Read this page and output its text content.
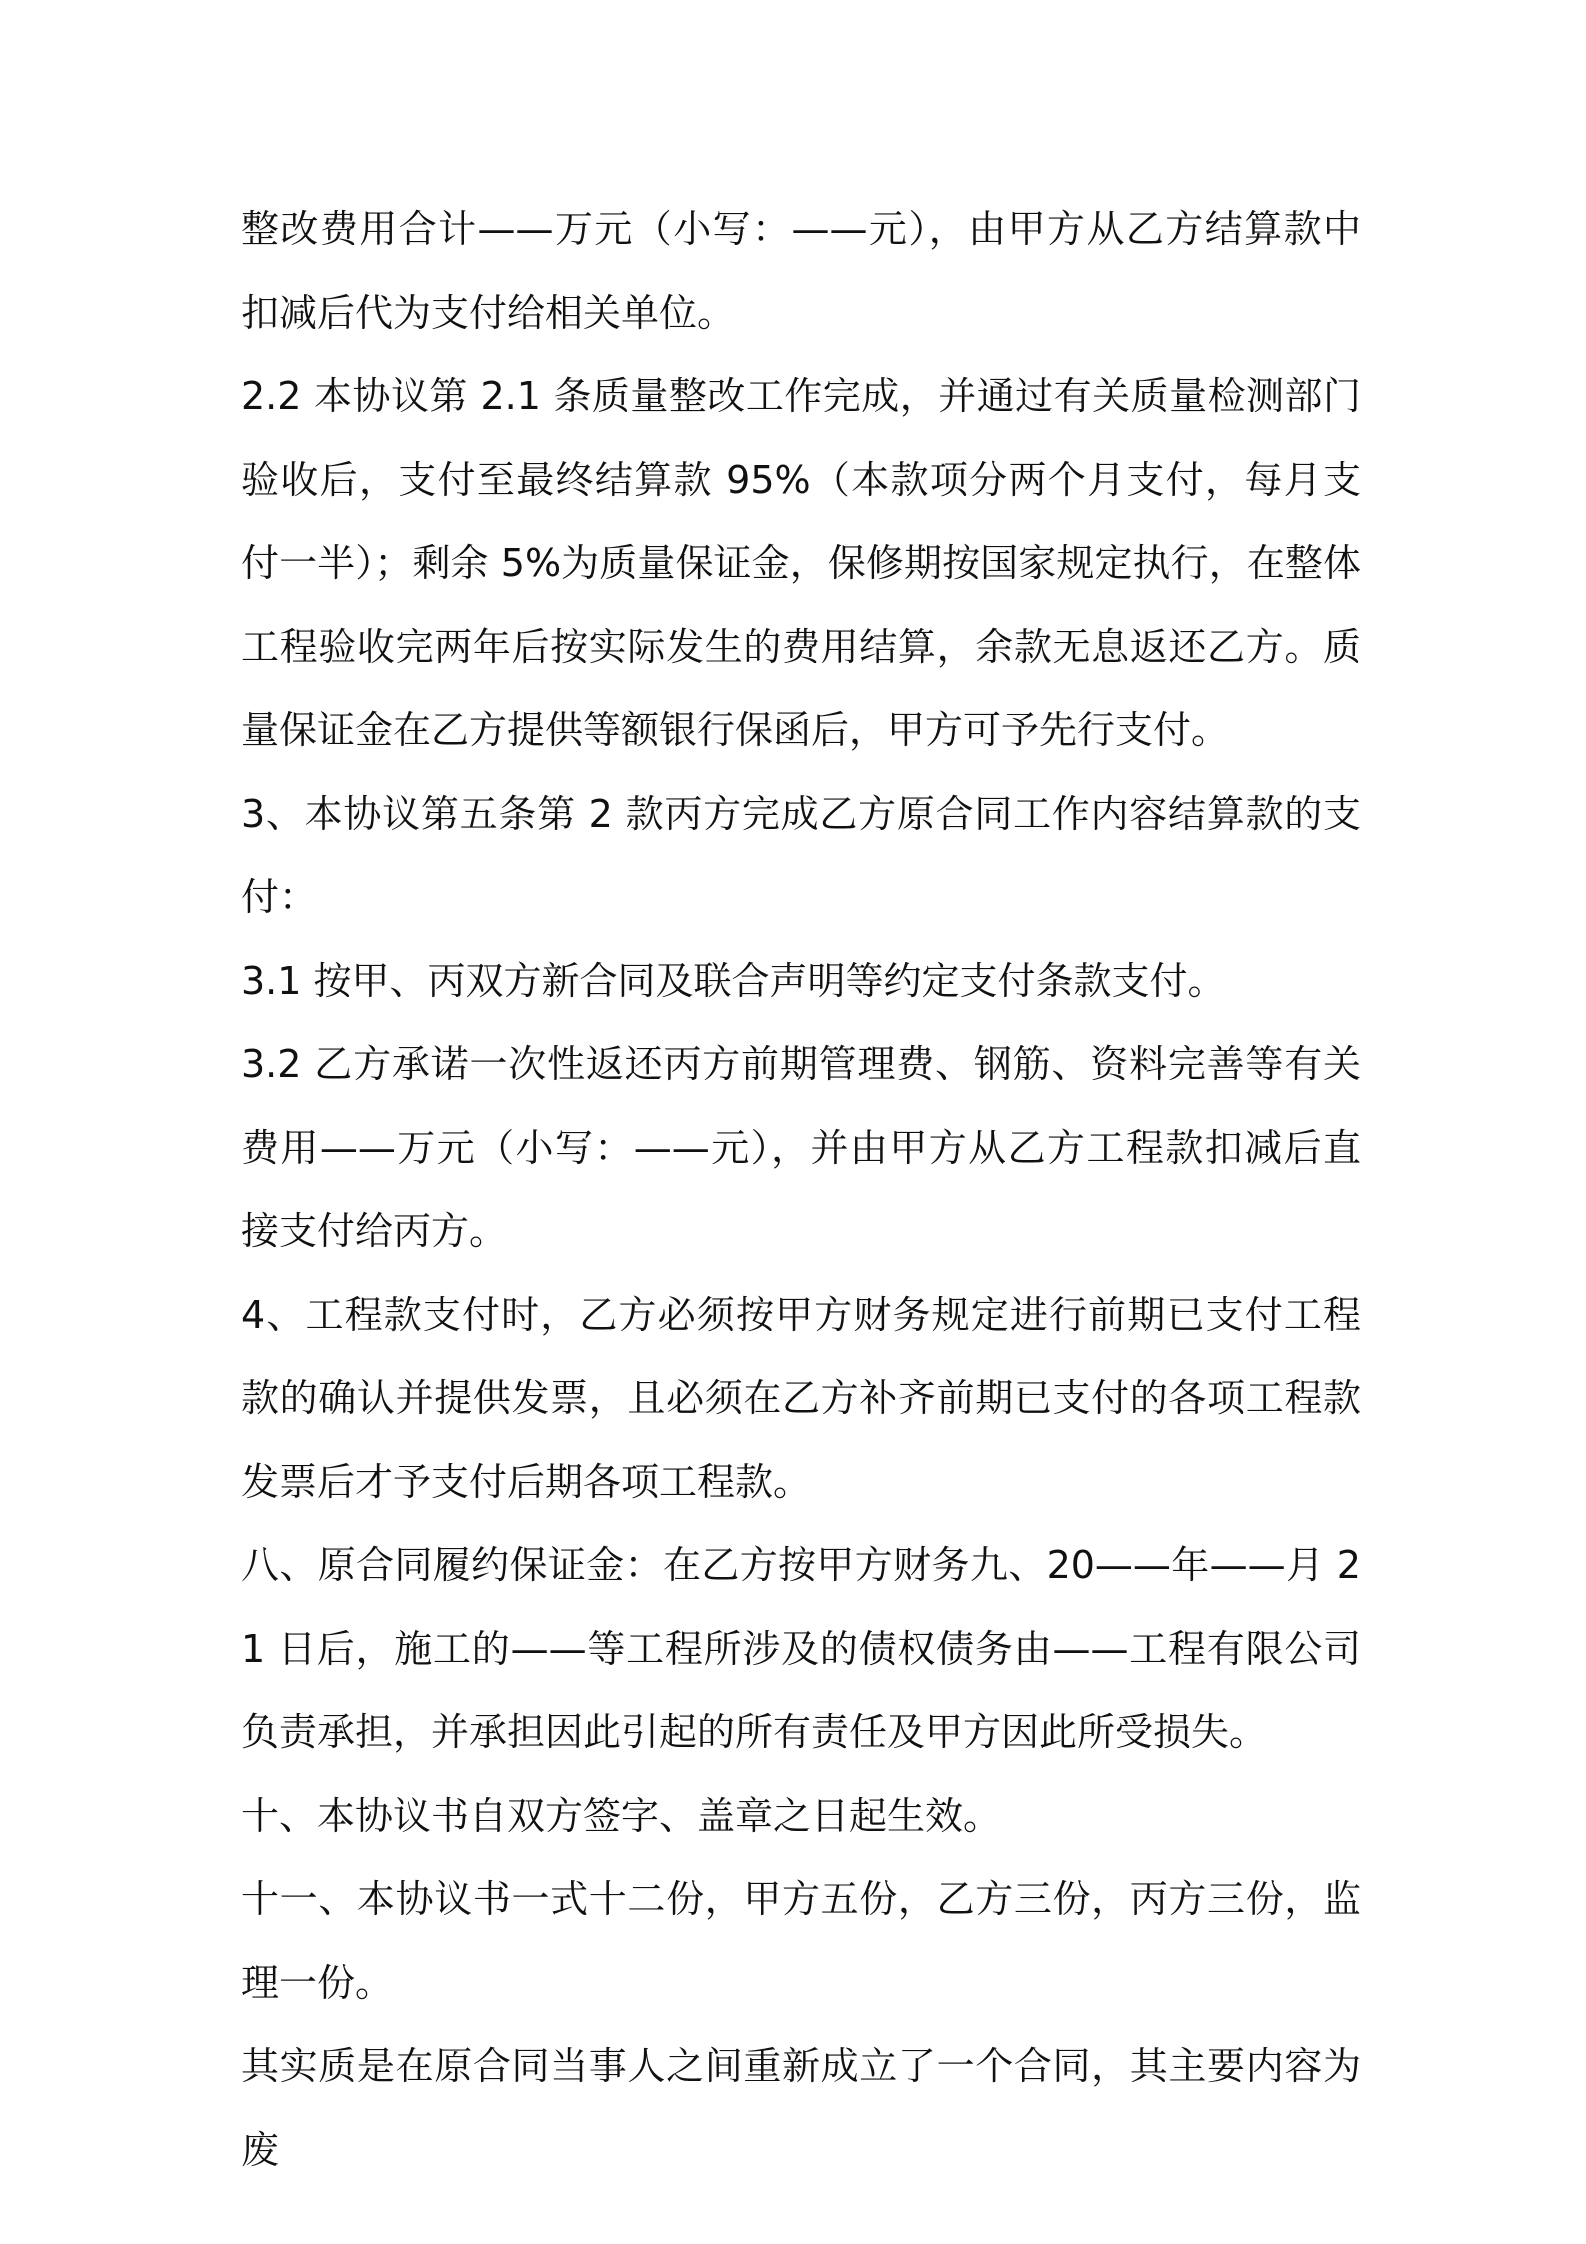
整改费用合计——万元（小写：——元），由甲方从乙方结算款中扣减后代为支付给相关单位。

2.2 本协议第 2.1 条质量整改工作完成，并通过有关质量检测部门验收后，支付至最终结算款 95%（本款项分两个月支付，每月支付一半）；剩余 5%为质量保证金，保修期按国家规定执行，在整体工程验收完两年后按实际发生的费用结算，余款无息返还乙方。质量保证金在乙方提供等额银行保函后，甲方可予先行支付。

3、本协议第五条第 2 款丙方完成乙方原合同工作内容结算款的支付：

3.1 按甲、丙双方新合同及联合声明等约定支付条款支付。

3.2 乙方承诺一次性返还丙方前期管理费、钢筋、资料完善等有关费用——万元（小写：——元），并由甲方从乙方工程款扣减后直接支付给丙方。

4、工程款支付时，乙方必须按甲方财务规定进行前期已支付工程款的确认并提供发票，且必须在乙方补齐前期已支付的各项工程款发票后才予支付后期各项工程款。

八、原合同履约保证金：在乙方按甲方财务九、20——年——月 21 日后，施工的——等工程所涉及的债权债务由——工程有限公司负责承担，并承担因此引起的所有责任及甲方因此所受损失。

十、本协议书自双方签字、盖章之日起生效。

十一、本协议书一式十二份，甲方五份，乙方三份，丙方三份，监理一份。

其实质是在原合同当事人之间重新成立了一个合同，其主要内容为废
